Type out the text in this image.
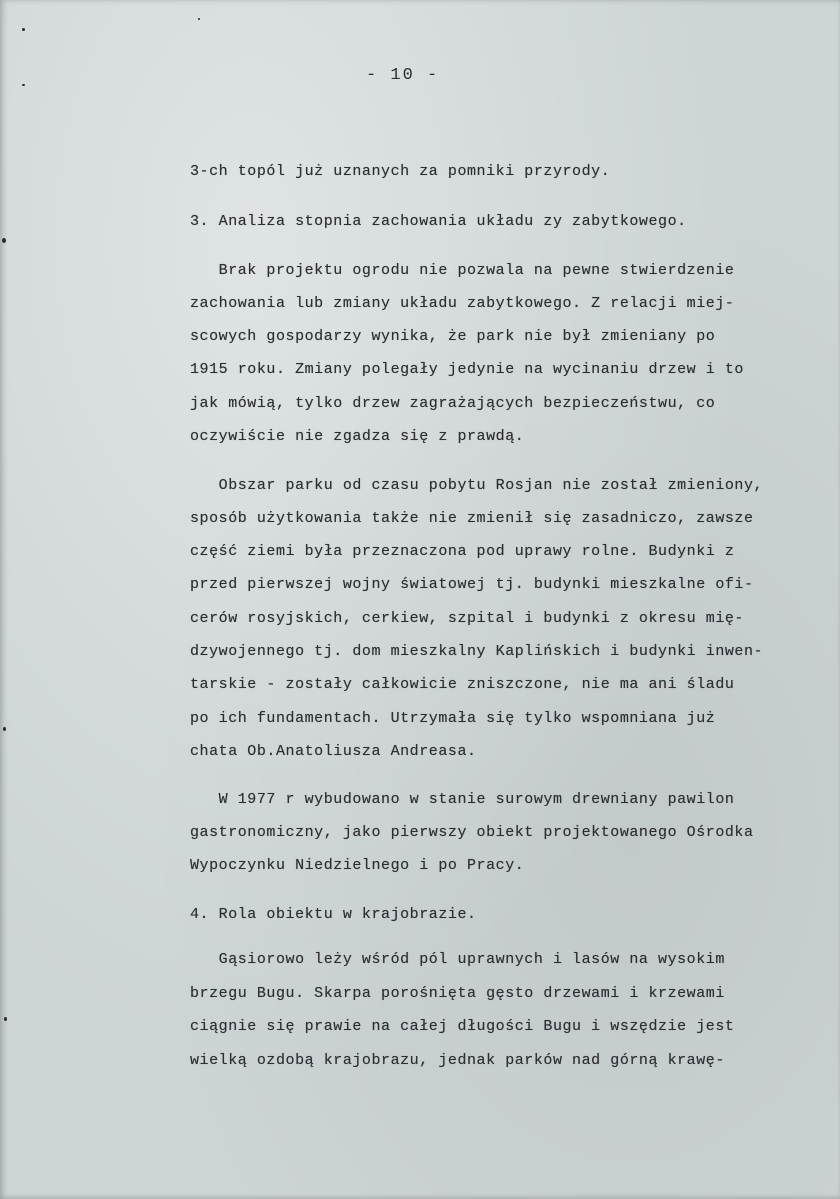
- 10 -
3-ch topól już uznanych za pomniki przyrody.
3. Analiza stopnia zachowania układu zy zabytkowego.
Brak projektu ogrodu nie pozwala na pewne stwierdzenie
zachowania lub zmiany układu zabytkowego. Z relacji miej-
scowych gospodarzy wynika, że park nie był zmieniany po
1915 roku. Zmiany polegały jedynie na wycinaniu drzew i to
jak mówią, tylko drzew zagrażających bezpieczeństwu, co
oczywiście nie zgadza się z prawdą.
Obszar parku od czasu pobytu Rosjan nie został zmieniony,
sposób użytkowania także nie zmienił się zasadniczo, zawsze
część ziemi była przeznaczona pod uprawy rolne. Budynki z
przed pierwszej wojny światowej tj. budynki mieszkalne ofi-
cerów rosyjskich, cerkiew, szpital i budynki z okresu mię-
dzywojennego tj. dom mieszkalny Kaplińskich i budynki inwen-
tarskie - zostały całkowicie zniszczone, nie ma ani śladu
po ich fundamentach. Utrzymała się tylko wspomniana już
chata Ob.Anatoliusza Andreasa.
W 1977 r wybudowano w stanie surowym drewniany pawilon
gastronomiczny, jako pierwszy obiekt projektowanego Ośrodka
Wypoczynku Niedzielnego i po Pracy.
4. Rola obiektu w krajobrazie.
Gąsiorowo leży wśród pól uprawnych i lasów na wysokim
brzegu Bugu. Skarpa porośnięta gęsto drzewami i krzewami
ciągnie się prawie na całej długości Bugu i wszędzie jest
wielką ozdobą krajobrazu, jednak parków nad górną krawę-
